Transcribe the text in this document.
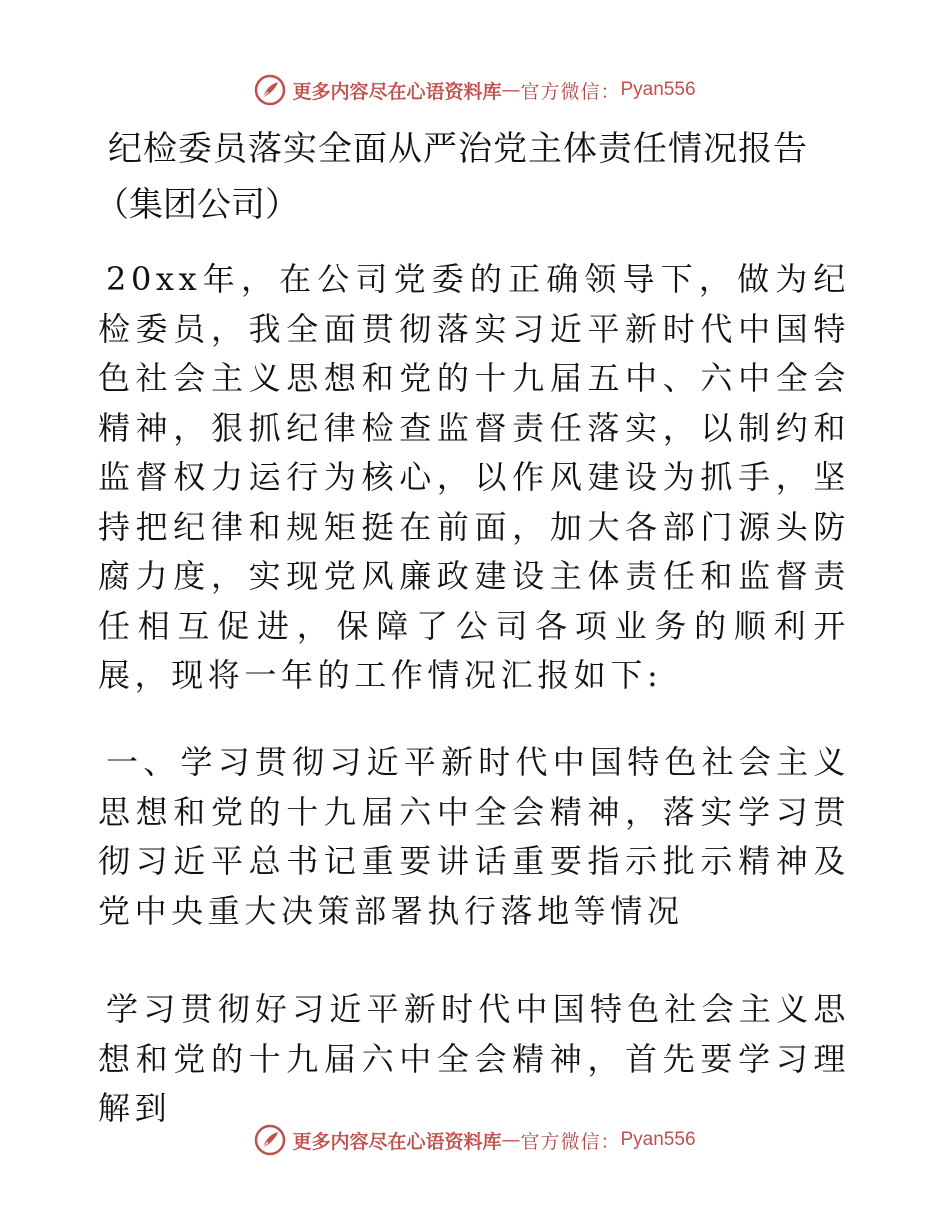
更多内容尽在心语资料库 — 官方微信： Pyan556
纪检委员落实全面从严治党主体责任情况报告
（集团公司）

20xx年，在公司党委的正确领导下，做为纪检委员，我全面贯彻落实习近平新时代中国特色社会主义思想和党的十九届五中、六中全会精神，狠抓纪律检查监督责任落实，以制约和监督权力运行为核心，以作风建设为抓手，坚持把纪律和规矩挺在前面，加大各部门源头防腐力度，实现党风廉政建设主体责任和监督责任相互促进，保障了公司各项业务的顺利开展，现将一年的工作情况汇报如下:

一、学习贯彻习近平新时代中国特色社会主义思想和党的十九届六中全会精神，落实学习贯彻习近平总书记重要讲话重要指示批示精神及党中央重大决策部署执行落地等情况

学习贯彻好习近平新时代中国特色社会主义思想和党的十九届六中全会精神，首先要学习理解到

更多内容尽在心语资料库 — 官方微信： Pyan556
